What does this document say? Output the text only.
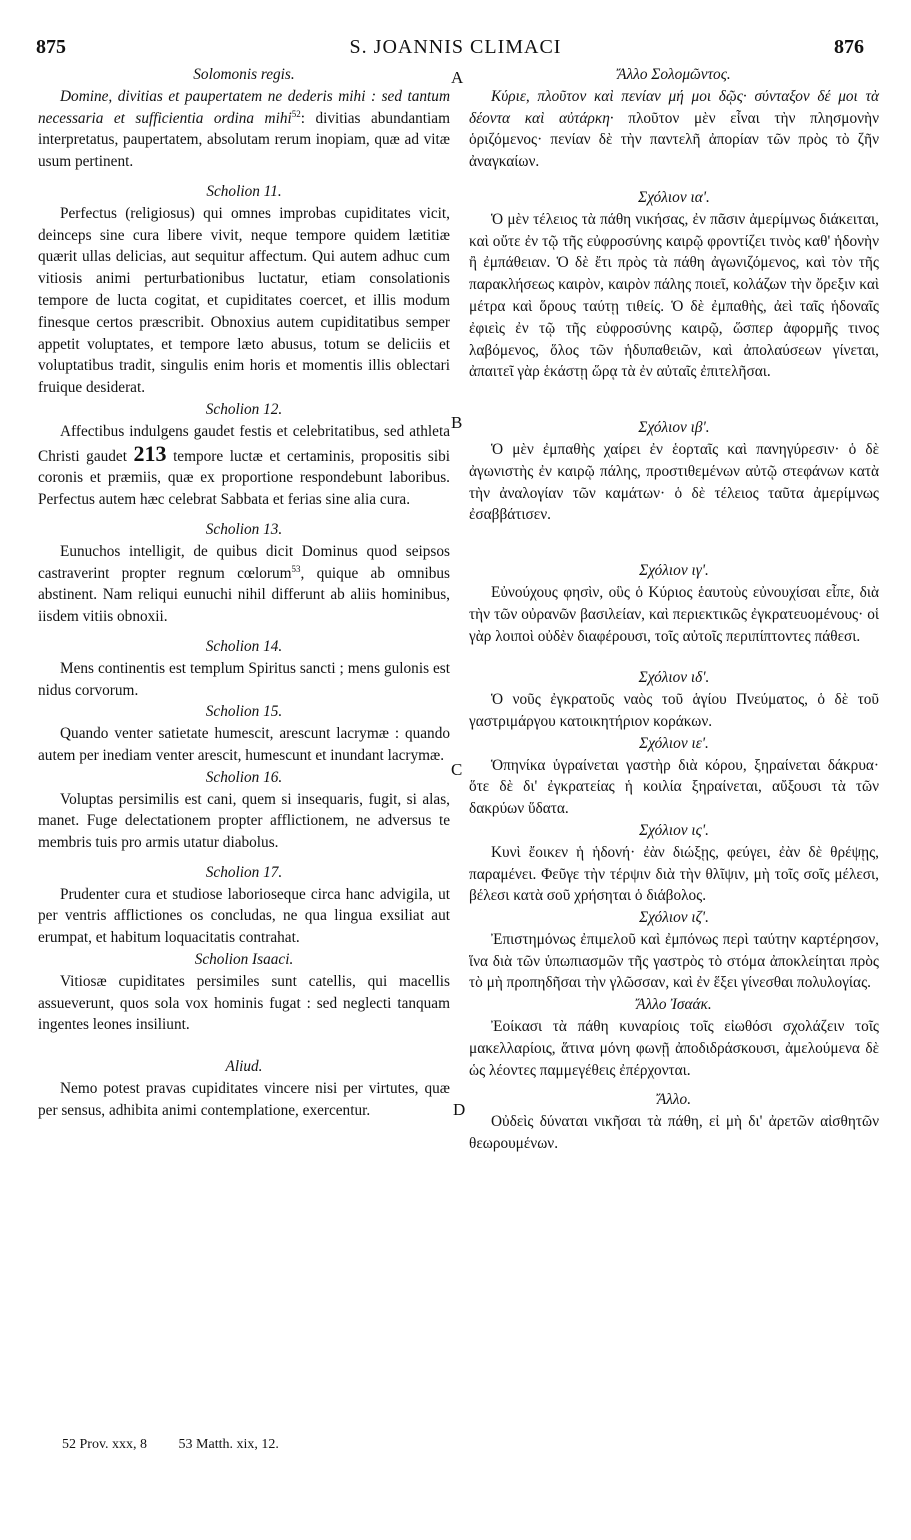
875	S. JOANNIS CLIMACI	876
A
B
C
D
Solomonis regis.

Domine, divitias et paupertatem ne dederis mihi : sed tantum necessaria et sufficientia ordina mihi$^{52}$: divitias abundantiam interpretatus, paupertatem, absolutam rerum inopiam, quæ ad vitæ usum pertinent.

Scholion 11.

Perfectus (religiosus) qui omnes improbas cupiditates vicit, deinceps sine cura libere vivit, neque tempore quidem lætitiæ quærit ullas delicias, aut sequitur affectum. Qui autem adhuc cum vitiosis animi perturbationibus luctatur, etiam consolationis tempore de lucta cogitat, et cupiditates coercet, et illis modum finesque certos præscribit. Obnoxius autem cupiditatibus semper appetit voluptates, et tempore læto abusus, totum se deliciis et voluptatibus tradit, singulis enim horis et momentis illis oblectari fruique desiderat.

Scholion 12.

Affectibus indulgens gaudet festis et celebritatibus, sed athleta Christi gaudet 213 tempore luctæ et certaminis, propositis sibi coronis et præmiis, quæ ex proportione respondebunt laboribus. Perfectus autem hæc celebrat Sabbata et ferias sine alia cura.

Scholion 13.

Eunuchos intelligit, de quibus dicit Dominus quod seipsos castraverint propter regnum cœlorum$^{53}$, quique ab omnibus abstinent. Nam reliqui eunuchi nihil differunt ab aliis hominibus, iisdem vitiis obnoxii.

Scholion 14.

Mens continentis est templum Spiritus sancti ; mens gulonis est nidus corvorum.

Scholion 15.

Quando venter satietate humescit, arescunt lacrymæ : quando autem per inediam venter arescit, humescunt et inundant lacrymæ.

Scholion 16.

Voluptas persimilis est cani, quem si insequaris, fugit, si alas, manet. Fuge delectationem propter afflictionem, ne adversus te membris tuis pro armis utatur diabolus.

Scholion 17.

Prudenter cura et studiose laborioseque circa hanc advigila, ut per ventris afflictiones os concludas, ne qua lingua exsiliat aut erumpat, et habitum loquacitatis contrahat.

Scholion Isaaci.

Vitiosæ cupiditates persimiles sunt catellis, qui macellis assueverunt, quos sola vox hominis fugat : sed neglecti tanquam ingentes leones insiliunt.

Aliud.

Nemo potest pravas cupiditates vincere nisi per virtutes, quæ per sensus, adhibita animi contemplatione, exercentur.

Ἄλλο Σολομῶντος.

Κύριε, πλοῦτον καὶ πενίαν μή μοι δῷς· σύνταξον δέ μοι τὰ δέοντα καὶ αὐτάρκη· πλοῦτον μὲν εἶναι τὴν πλησμονὴν ὁριζόμενος· πενίαν δὲ τὴν παντελῆ ἀπορίαν τῶν πρὸς τὸ ζῆν ἀναγκαίων.

Σχόλιον ια'.

Ὁ μὲν τέλειος τὰ πάθη νικήσας, ἐν πᾶσιν ἀμερίμνως διάκειται, καὶ οὔτε ἐν τῷ τῆς εὐφροσύνης καιρῷ φροντίζει τινὸς καθ' ἡδονὴν ἢ ἐμπάθειαν. Ὁ δὲ ἔτι πρὸς τὰ πάθη ἀγωνιζόμενος, καὶ τὸν τῆς παρακλήσεως καιρὸν, καιρὸν πάλης ποιεῖ, κολάζων τὴν ὄρεξιν καὶ μέτρα καὶ ὅρους ταύτῃ τιθείς. Ὁ δὲ ἐμπαθὴς, ἀεὶ ταῖς ἡδοναῖς ἐφιεὶς ἐν τῷ τῆς εὐφροσύνης καιρῷ, ὥσπερ ἀφορμῆς τινος λαβόμενος, ὅλος τῶν ἡδυπαθειῶν, καὶ ἀπολαύσεων γίνεται, ἀπαιτεῖ γὰρ ἑκάστῃ ὥρᾳ τὰ ἐν αὐταῖς ἐπιτελῆσαι.

Σχόλιον ιβ'.

Ὁ μὲν ἐμπαθὴς χαίρει ἐν ἑορταῖς καὶ πανηγύρεσιν· ὁ δὲ ἀγωνιστὴς ἐν καιρῷ πάλης, προστιθεμένων αὐτῷ στεφάνων κατὰ τὴν ἀναλογίαν τῶν καμάτων· ὁ δὲ τέλειος ταῦτα ἀμερίμνως ἐσαββάτισεν.

Σχόλιον ιγ'.

Εὐνούχους φησὶν, οὓς ὁ Κύριος ἑαυτοὺς εὐνουχίσαι εἶπε, διὰ τὴν τῶν οὐρανῶν βασιλείαν, καὶ περιεκτικῶς ἐγκρατευομένους· οἱ γὰρ λοιποὶ οὐδὲν διαφέρουσι, τοῖς αὐτοῖς περιπίπτοντες πάθεσι.

Σχόλιον ιδ'.

Ὁ νοῦς ἐγκρατοῦς ναὸς τοῦ ἁγίου Πνεύματος, ὁ δὲ τοῦ γαστριμάργου κατοικητήριον κοράκων.

Σχόλιον ιε'.

Ὁπηνίκα ὑγραίνεται γαστὴρ διὰ κόρου, ξηραίνεται δάκρυα· ὅτε δὲ δι' ἐγκρατείας ἡ κοιλία ξηραίνεται, αὔξουσι τὰ τῶν δακρύων ὕδατα.

Σχόλιον ις'.

Κυνὶ ἔοικεν ἡ ἡδονή· ἐὰν διώξῃς, φεύγει, ἐὰν δὲ θρέψῃς, παραμένει. Φεῦγε τὴν τέρψιν διὰ τὴν θλῖψιν, μὴ τοῖς σοῖς μέλεσι, βέλεσι κατὰ σοῦ χρήσηται ὁ διάβολος.

Σχόλιον ιζ'.

Ἐπιστημόνως ἐπιμελοῦ καὶ ἐμπόνως περὶ ταύτην καρτέρησον, ἵνα διὰ τῶν ὑπωπιασμῶν τῆς γαστρὸς τὸ στόμα ἀποκλείηται πρὸς τὸ μὴ προπηδῆσαι τὴν γλῶσσαν, καὶ ἐν ἕξει γίνεσθαι πολυλογίας.

Ἄλλο Ἰσαάκ.

Ἐοίκασι τὰ πάθη κυναρίοις τοῖς εἰωθόσι σχολάζειν τοῖς μακελλαρίοις, ἅτινα μόνη φωνῇ ἀποδιδράσκουσι, ἀμελούμενα δὲ ὡς λέοντες παμμεγέθεις ἐπέρχονται.

Ἄλλο.

Οὐδεὶς δύναται νικῆσαι τὰ πάθη, εἰ μὴ δι' ἀρετῶν αἰσθητῶν θεωρουμένων.

52 Prov. xxx, 8 53 Matth. xix, 12.
